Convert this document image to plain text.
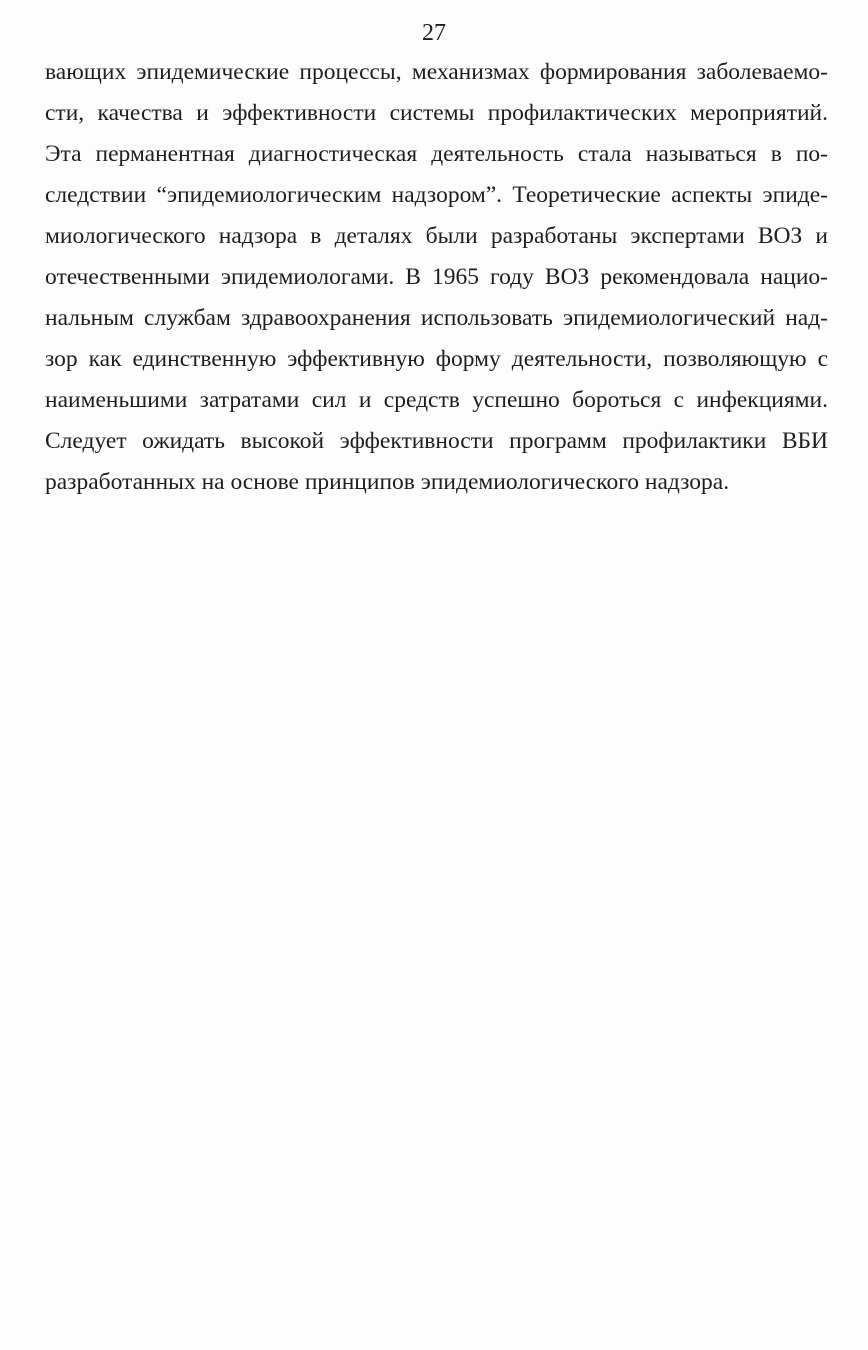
27
вающих эпидемические процессы, механизмах формирования заболеваемо-
сти, качества и эффективности системы профилактических мероприятий.
Эта перманентная диагностическая деятельность стала называться в по-
следствии “эпидемиологическим надзором”. Теоретические аспекты эпиде-
миологического надзора в деталях были разработаны экспертами ВОЗ и
отечественными эпидемиологами. В 1965 году ВОЗ рекомендовала нацио-
нальным службам здравоохранения использовать эпидемиологический над-
зор как единственную эффективную форму деятельности, позволяющую с
наименьшими затратами сил и средств успешно бороться с инфекциями.
Следует ожидать высокой эффективности программ профилактики ВБИ
разработанных на основе принципов эпидемиологического надзора.
